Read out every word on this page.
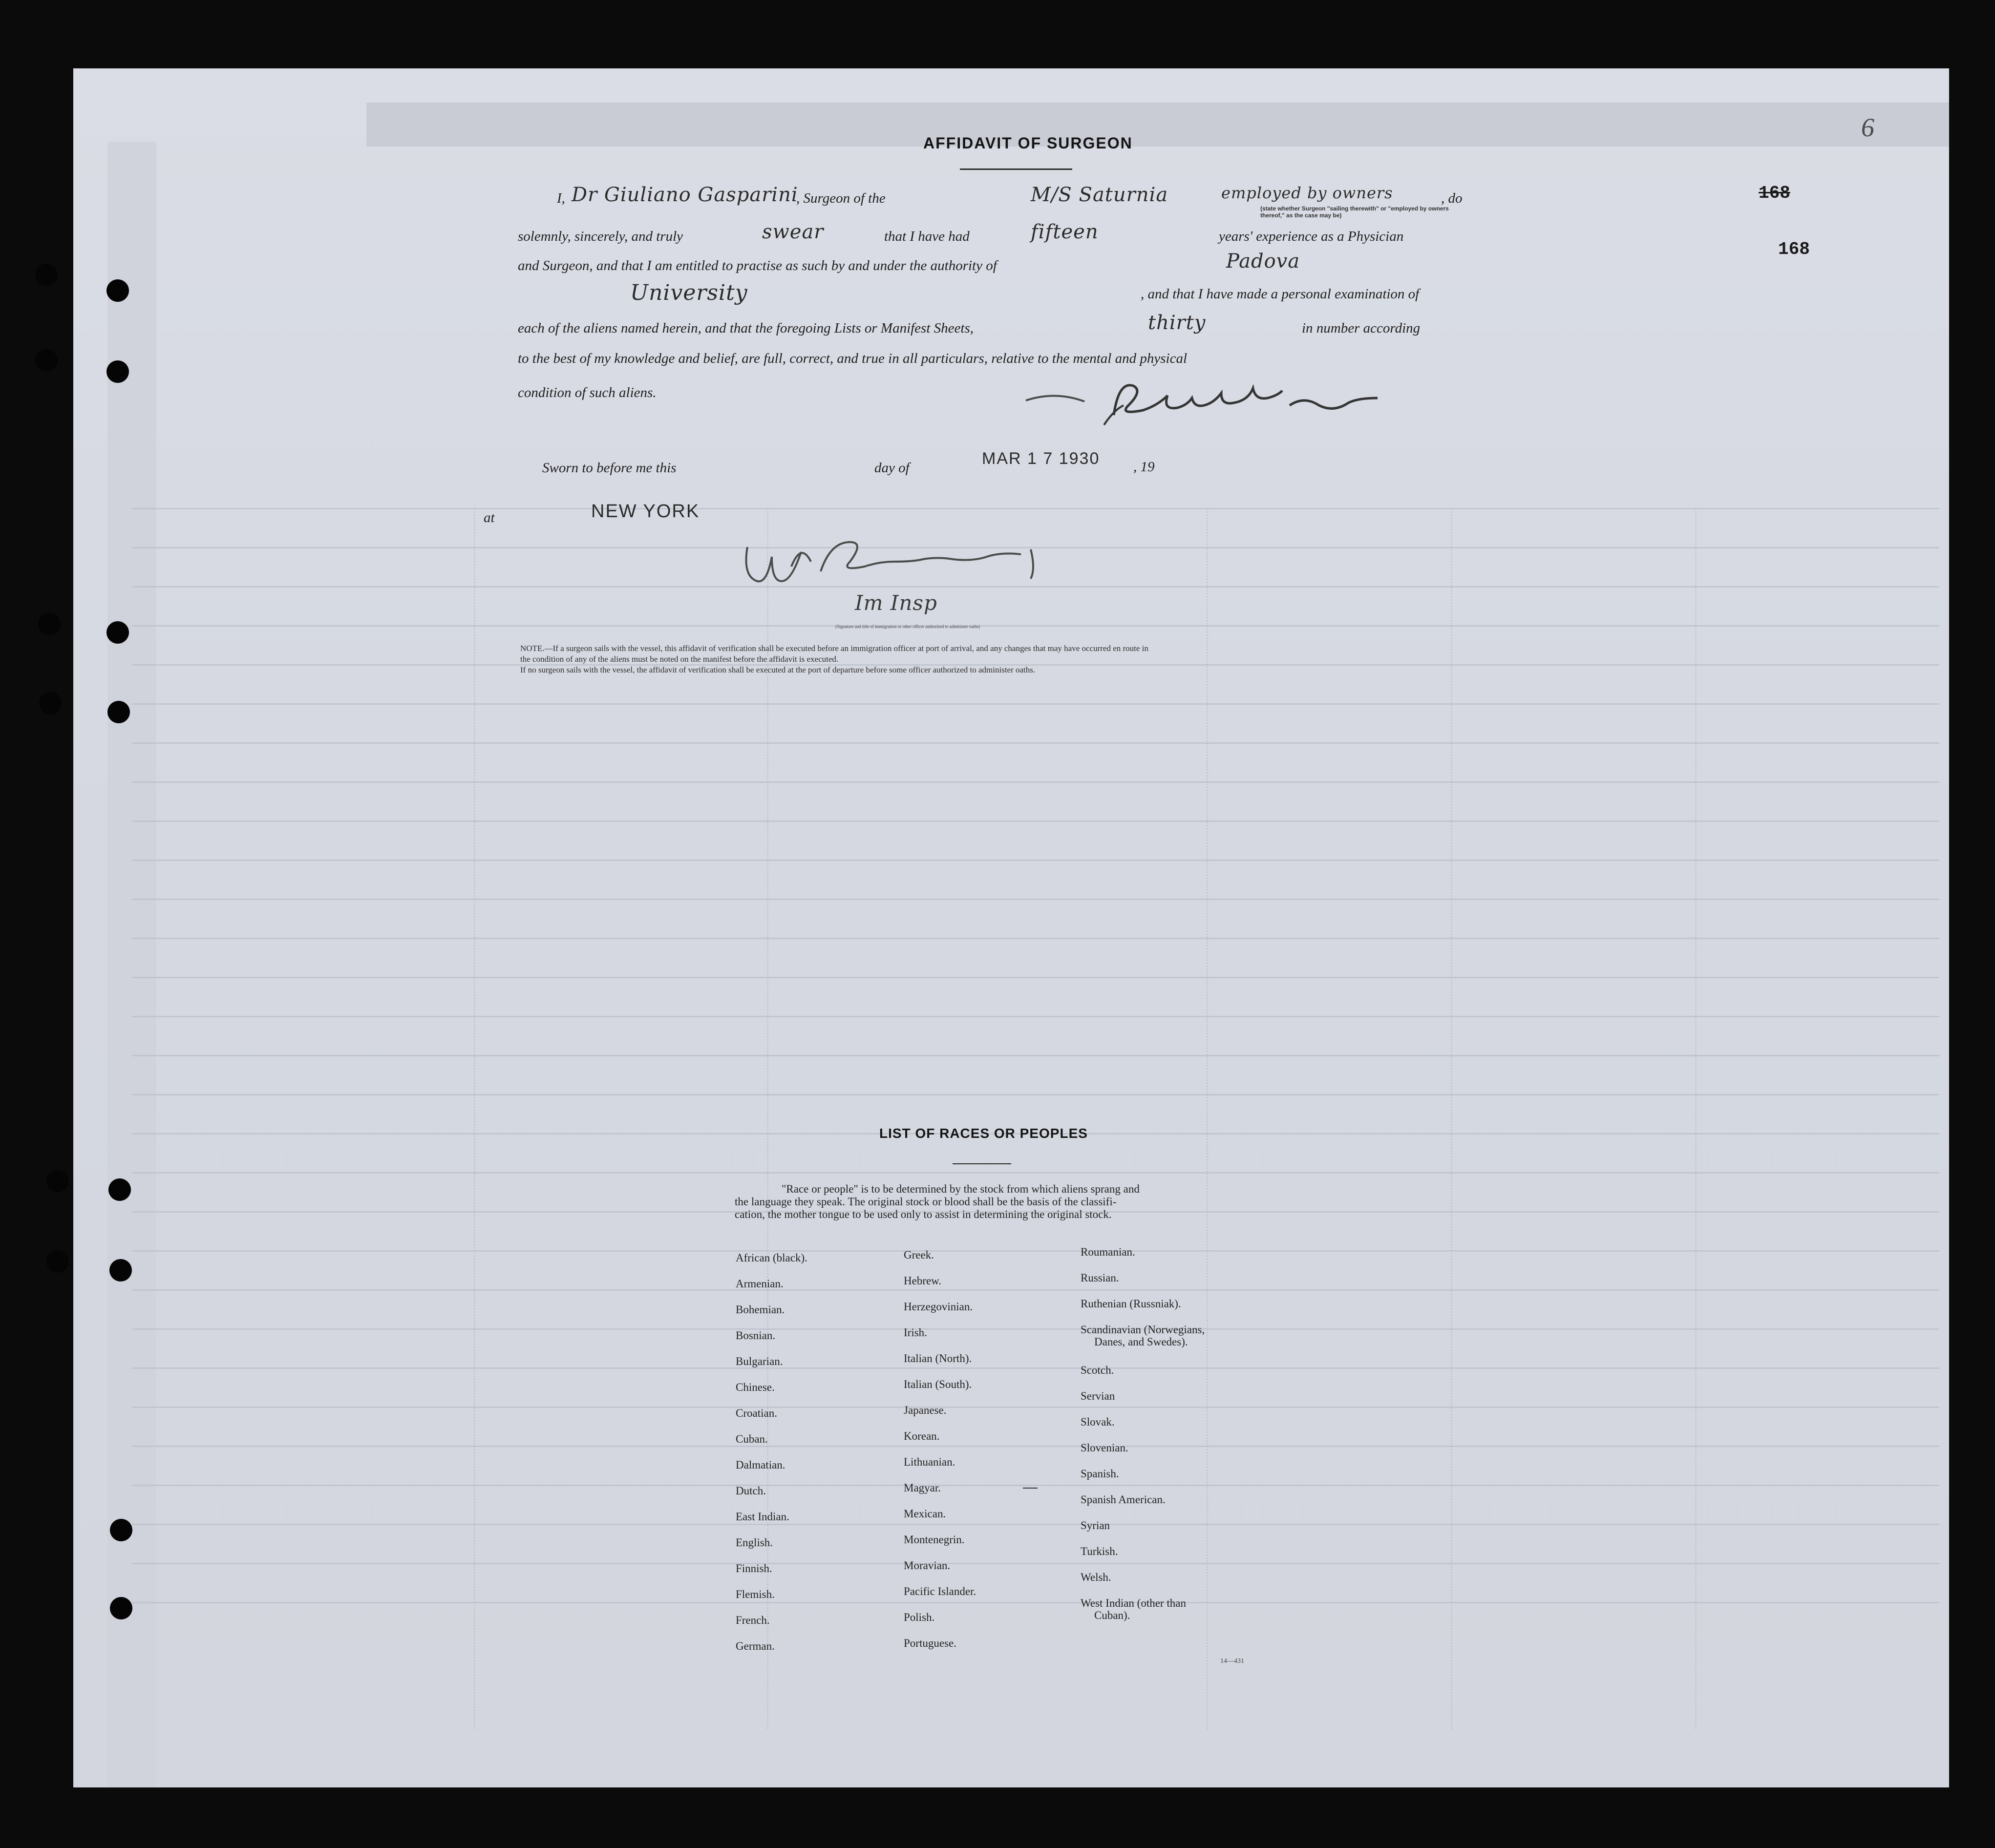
168
168
6
AFFIDAVIT OF SURGEON
I, Dr Giuliano Gasparini
, Surgeon of the	M/S Saturnia	employed by owners
(state whether Surgeon "sailing therewith" or "employed by owners thereof," as the case may be)
, do
solemnly, sincerely, and truly	swear	that I have had	fifteen	years' experience as a Physician
and Surgeon, and that I am entitled to practise as such by and under the authority of	Padova
University	, and that I have made a personal examination of
each of the aliens named herein, and that the foregoing Lists or Manifest Sheets,	thirty	in number according
to the best of my knowledge and belief, are full, correct, and true in all particulars, relative to the mental and physical
condition of such aliens.
Sworn to before me this	day of	MAR 1 7 1930 , 19
at	NEW YORK
Im Insp
(Signature and title of immigration or other officer authorized to administer oaths)
NOTE.—If a surgeon sails with the vessel, this affidavit of verification shall be executed before an immigration officer at port of arrival, and any changes that may have occurred en route in
the condition of any of the aliens must be noted on the manifest before the affidavit is executed.
If no surgeon sails with the vessel, the affidavit of verification shall be executed at the port of departure before some officer authorized to administer oaths.
LIST OF RACES OR PEOPLES
"Race or people" is to be determined by the stock from which aliens sprang and
the language they speak. The original stock or blood shall be the basis of the classifi-
cation, the mother tongue to be used only to assist in determining the original stock.
African (black).
Armenian.
Bohemian.
Bosnian.
Bulgarian.
Chinese.
Croatian.
Cuban.
Dalmatian.
Dutch.
East Indian.
English.
Finnish.
Flemish.
French.
German.
Greek.
Hebrew.
Herzegovinian.
Irish.
Italian (North).
Italian (South).
Japanese.
Korean.
Lithuanian.
Magyar.
Mexican.
Montenegrin.
Moravian.
Pacific Islander.
Polish.
Portuguese.
Roumanian.
Russian.
Ruthenian (Russniak).
Scandinavian (Norwegians,
Danes, and Swedes).
Scotch.
Servian
Slovak.
Slovenian.
Spanish.
Spanish American.
Syrian
Turkish.
Welsh.
West Indian (other than
Cuban).
14—431
